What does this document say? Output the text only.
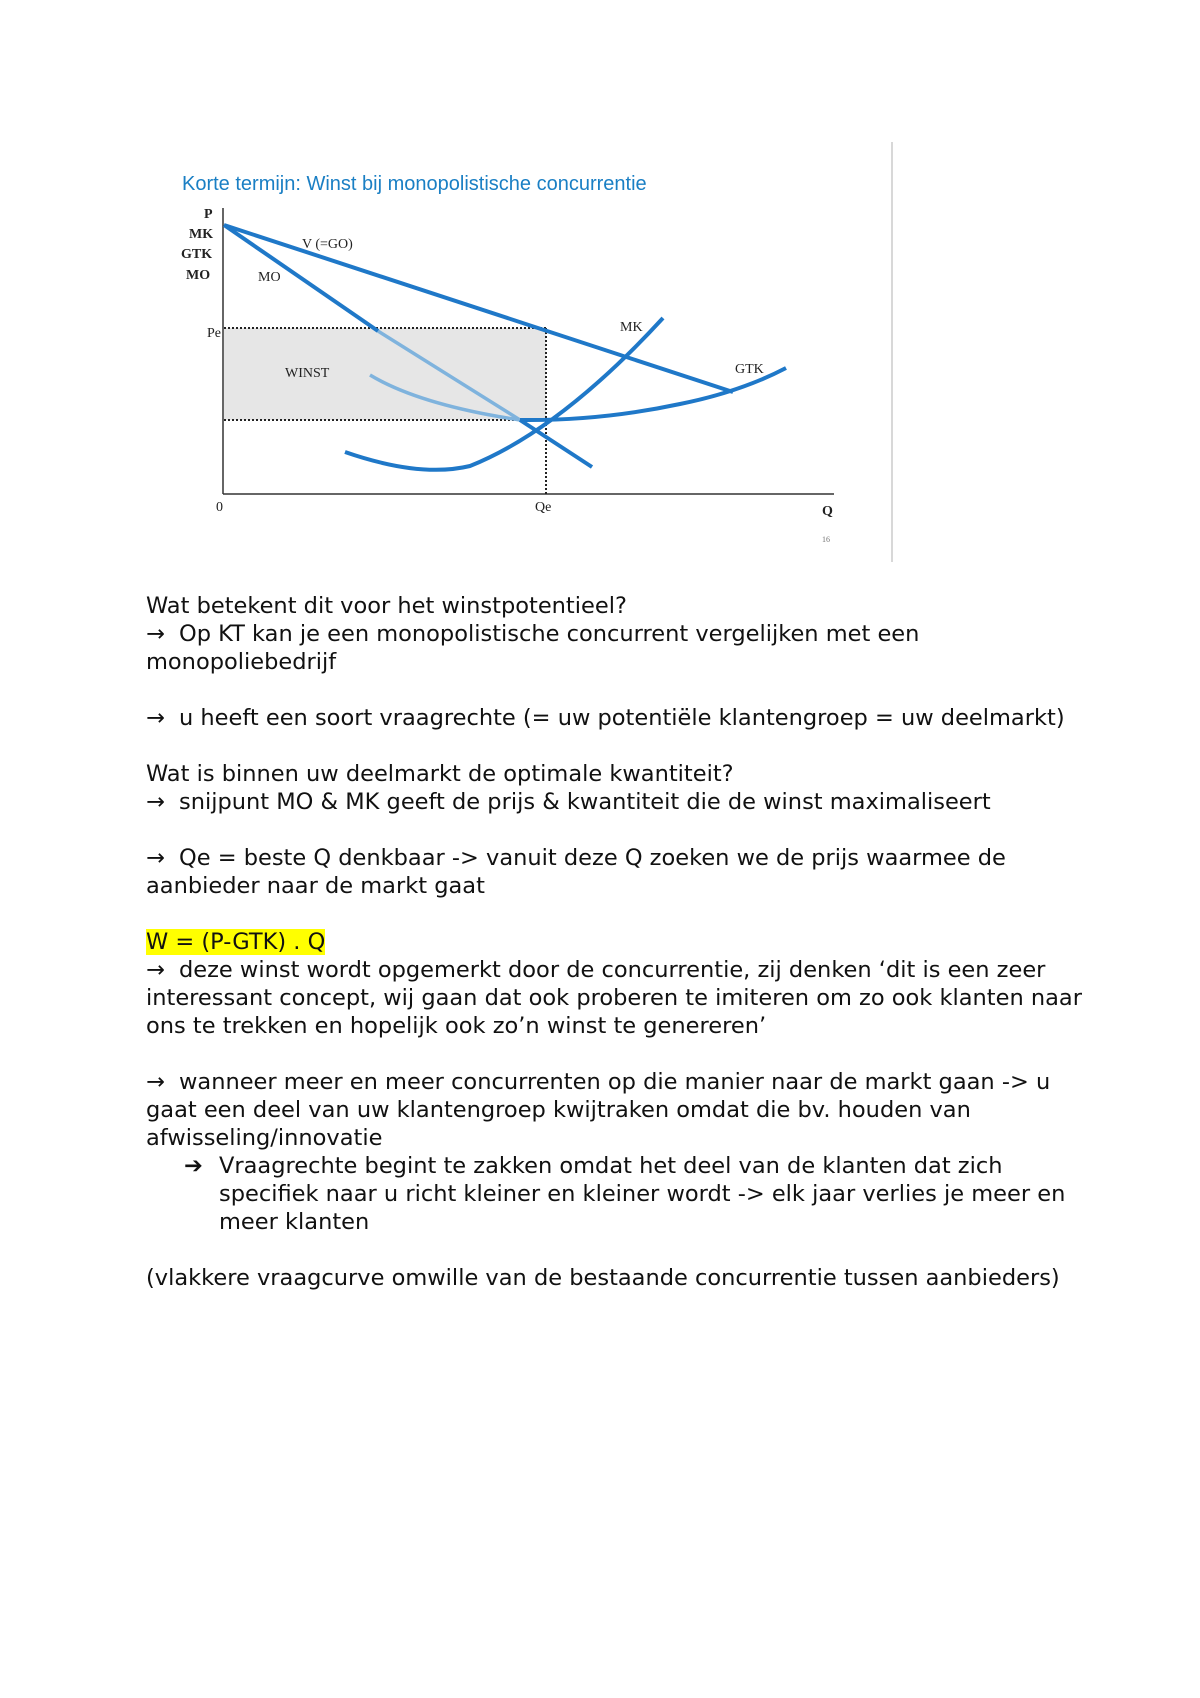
Korte termijn: Winst bij monopolistische concurrentie
P
MK
GTK
MO
V (=GO)
MO
MK
GTK
WINST
Pe
0	Qe	Q
16

Wat betekent dit voor het winstpotentieel?

→ Op KT kan je een monopolistische concurrent vergelijken met een monopoliebedrijf

→ u heeft een soort vraagrechte (= uw potentiële klantengroep = uw deelmarkt)

Wat is binnen uw deelmarkt de optimale kwantiteit?

→ snijpunt MO & MK geeft de prijs & kwantiteit die de winst maximaliseert

→ Qe = beste Q denkbaar -> vanuit deze Q zoeken we de prijs waarmee de aanbieder naar de markt gaat

W = (P-GTK) . Q

→ deze winst wordt opgemerkt door de concurrentie, zij denken ‘dit is een zeer interessant concept, wij gaan dat ook proberen te imiteren om zo ook klanten naar ons te trekken en hopelijk ook zo’n winst te genereren’

→ wanneer meer en meer concurrenten op die manier naar de markt gaan -> u gaat een deel van uw klantengroep kwijtraken omdat die bv. houden van afwisseling/innovatie

➔ Vraagrechte begint te zakken omdat het deel van de klanten dat zich specifiek naar u richt kleiner en kleiner wordt -> elk jaar verlies je meer en meer klanten

(vlakkere vraagcurve omwille van de bestaande concurrentie tussen aanbieders)
